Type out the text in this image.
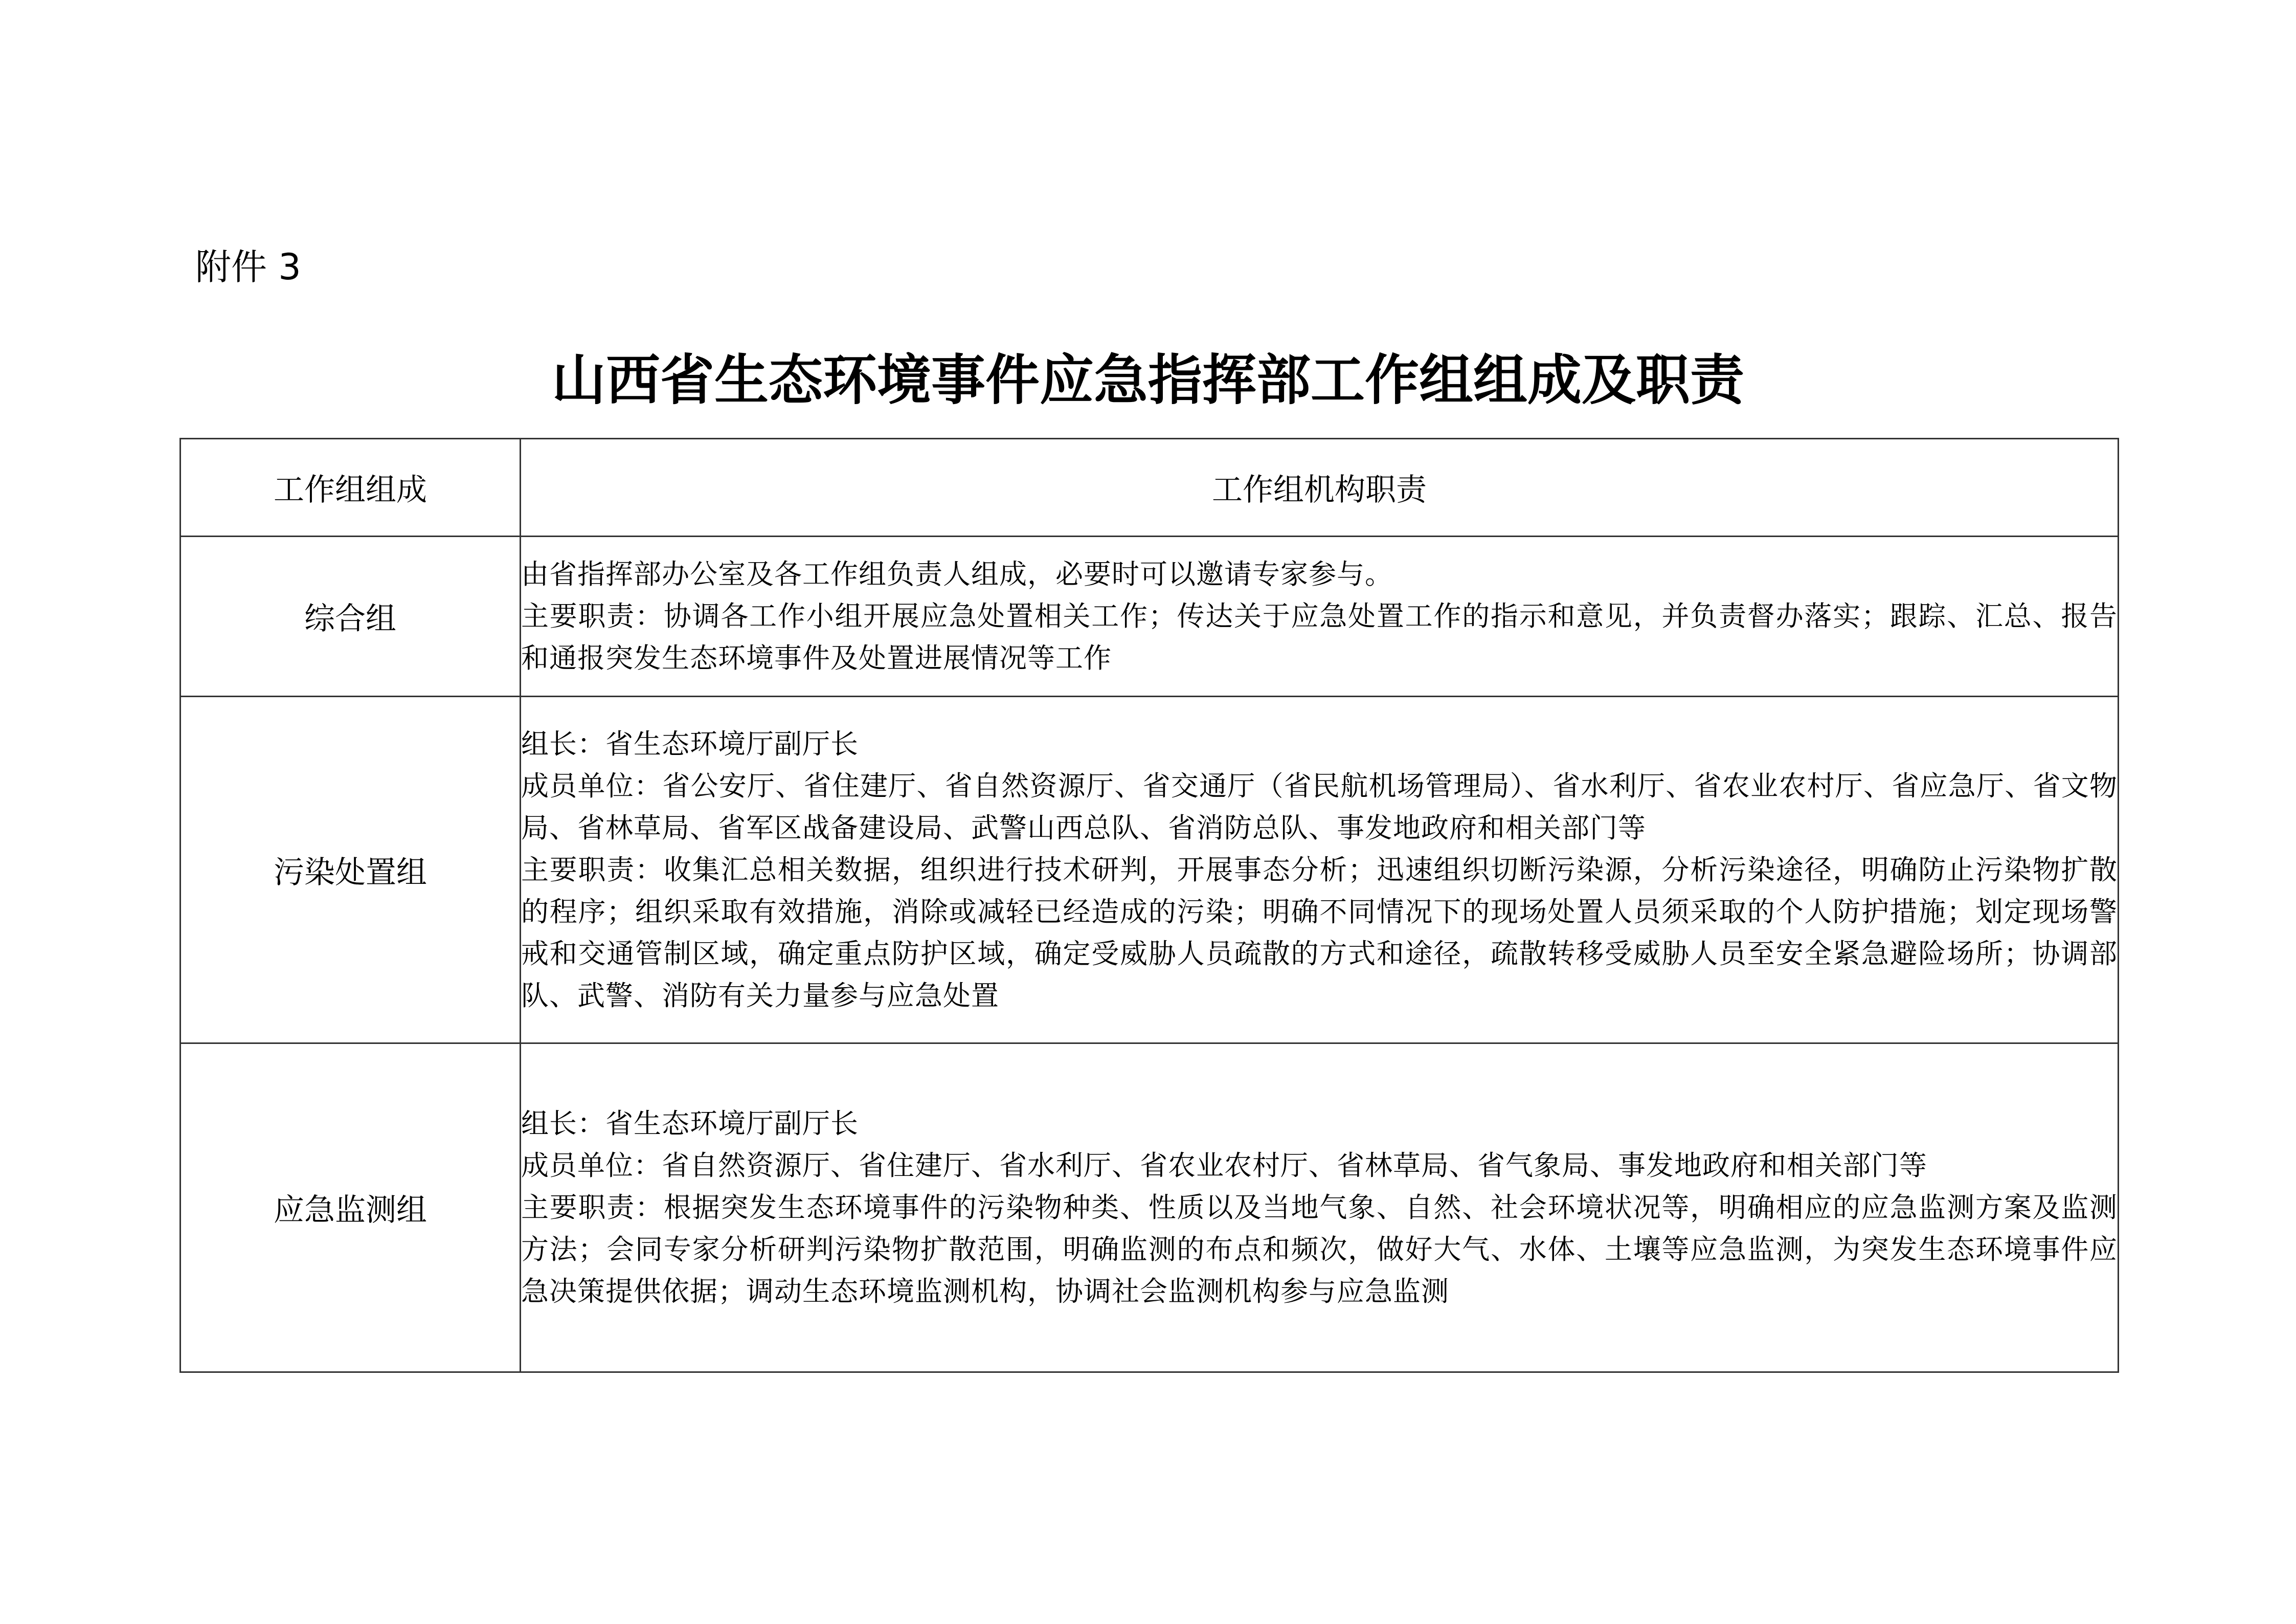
附件 3
山西省生态环境事件应急指挥部工作组组成及职责
工作组组成	工作组机构职责
综合组	由省指挥部办公室及各工作组负责人组成，必要时可以邀请专家参与。

主要职责：协调各工作小组开展应急处置相关工作；传达关于应急处置工作的指示和意见，并负责督办落实；跟踪、汇总、报告和通报突发生态环境事件及处置进展情况等工作

污染处置组	组长：省生态环境厅副厅长

成员单位：省公安厅、省住建厅、省自然资源厅、省交通厅（省民航机场管理局）、省水利厅、省农业农村厅、省应急厅、省文物局、省林草局、省军区战备建设局、武警山西总队、省消防总队、事发地政府和相关部门等

主要职责：收集汇总相关数据，组织进行技术研判，开展事态分析；迅速组织切断污染源，分析污染途径，明确防止污染物扩散的程序；组织采取有效措施，消除或减轻已经造成的污染；明确不同情况下的现场处置人员须采取的个人防护措施；划定现场警戒和交通管制区域，确定重点防护区域，确定受威胁人员疏散的方式和途径，疏散转移受威胁人员至安全紧急避险场所；协调部队、武警、消防有关力量参与应急处置

应急监测组	组长：省生态环境厅副厅长

成员单位：省自然资源厅、省住建厅、省水利厅、省农业农村厅、省林草局、省气象局、事发地政府和相关部门等

主要职责：根据突发生态环境事件的污染物种类、性质以及当地气象、自然、社会环境状况等，明确相应的应急监测方案及监测方法；会同专家分析研判污染物扩散范围，明确监测的布点和频次，做好大气、水体、土壤等应急监测，为突发生态环境事件应急决策提供依据；调动生态环境监测机构，协调社会监测机构参与应急监测
